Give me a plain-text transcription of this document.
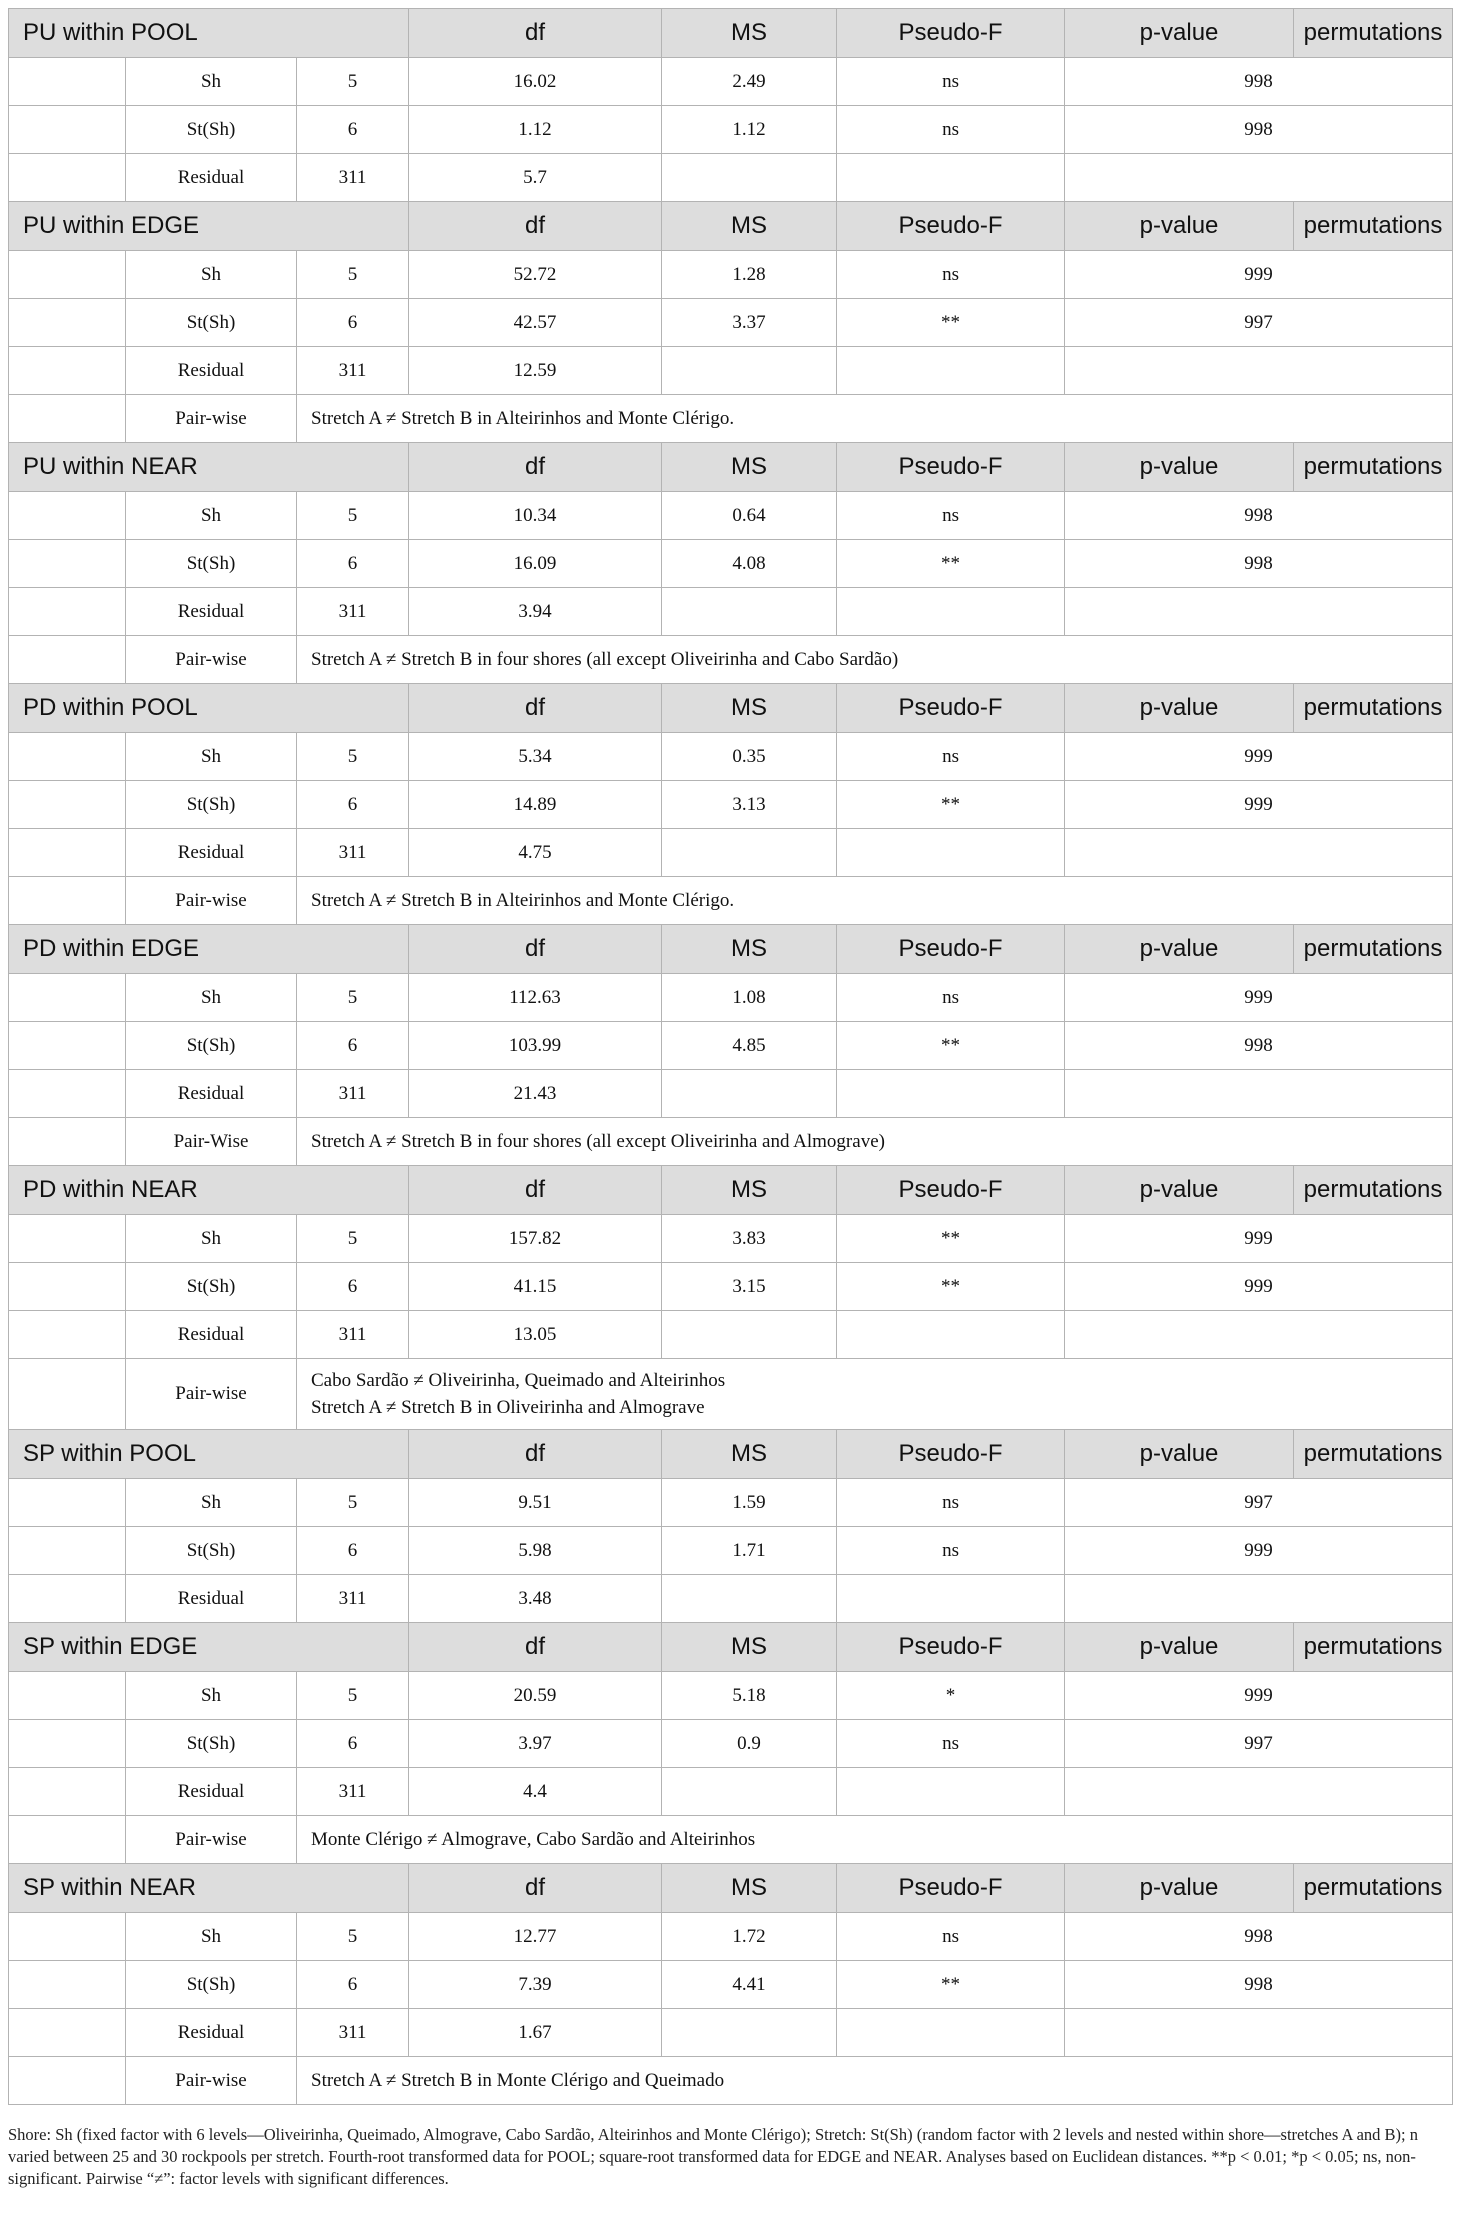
PU within POOL			df	MS	Pseudo-F	p-value	permutations
	Sh	5	16.02	2.49	ns	998	
	St(Sh)	6	1.12	1.12	ns	998	
	Residual	311	5.7				
PU within EDGE			df	MS	Pseudo-F	p-value	permutations
	Sh	5	52.72	1.28	ns	999	
	St(Sh)	6	42.57	3.37	**	997	
	Residual	311	12.59				
	Pair-wise	Stretch A ≠ Stretch B in Alteirinhos and Monte Clérigo.					

PU within NEAR			df	MS	Pseudo-F	p-value	permutations
	Sh	5	10.34	0.64	ns	998	
	St(Sh)	6	16.09	4.08	**	998	
	Residual	311	3.94				
	Pair-wise	Stretch A ≠ Stretch B in four shores (all except Oliveirinha and Cabo Sardão)					

PD within POOL			df	MS	Pseudo-F	p-value	permutations
	Sh	5	5.34	0.35	ns	999	
	St(Sh)	6	14.89	3.13	**	999	
	Residual	311	4.75				
	Pair-wise	Stretch A ≠ Stretch B in Alteirinhos and Monte Clérigo.					

PD within EDGE			df	MS	Pseudo-F	p-value	permutations
	Sh	5	112.63	1.08	ns	999	
	St(Sh)	6	103.99	4.85	**	998	
	Residual	311	21.43				
	Pair-Wise	Stretch A ≠ Stretch B in four shores (all except Oliveirinha and Almograve)					

PD within NEAR			df	MS	Pseudo-F	p-value	permutations
	Sh	5	157.82	3.83	**	999	
	St(Sh)	6	41.15	3.15	**	999	
	Residual	311	13.05				
	Pair-wise	Cabo Sardão ≠ Oliveirinha, Queimado and Alteirinhos
Stretch A ≠ Stretch B in Oliveirinha and Almograve					

SP within POOL			df	MS	Pseudo-F	p-value	permutations
	Sh	5	9.51	1.59	ns	997	
	St(Sh)	6	5.98	1.71	ns	999	
	Residual	311	3.48				
SP within EDGE			df	MS	Pseudo-F	p-value	permutations
	Sh	5	20.59	5.18	*	999	
	St(Sh)	6	3.97	0.9	ns	997	
	Residual	311	4.4				
	Pair-wise	Monte Clérigo ≠ Almograve, Cabo Sardão and Alteirinhos					

SP within NEAR			df	MS	Pseudo-F	p-value	permutations
	Sh	5	12.77	1.72	ns	998	
	St(Sh)	6	7.39	4.41	**	998	
	Residual	311	1.67				
	Pair-wise	Stretch A ≠ Stretch B in Monte Clérigo and Queimado					

Shore: Sh (fixed factor with 6 levels—Oliveirinha, Queimado, Almograve, Cabo Sardão, Alteirinhos and Monte Clérigo); Stretch: St(Sh) (random factor with 2 levels and nested within shore—stretches A and B); n varied between 25 and 30 rockpools per stretch. Fourth-root transformed data for POOL; square-root transformed data for EDGE and NEAR. Analyses based on Euclidean distances. **p < 0.01; *p < 0.05; ns, non-significant. Pairwise “≠”: factor levels with significant differences.
